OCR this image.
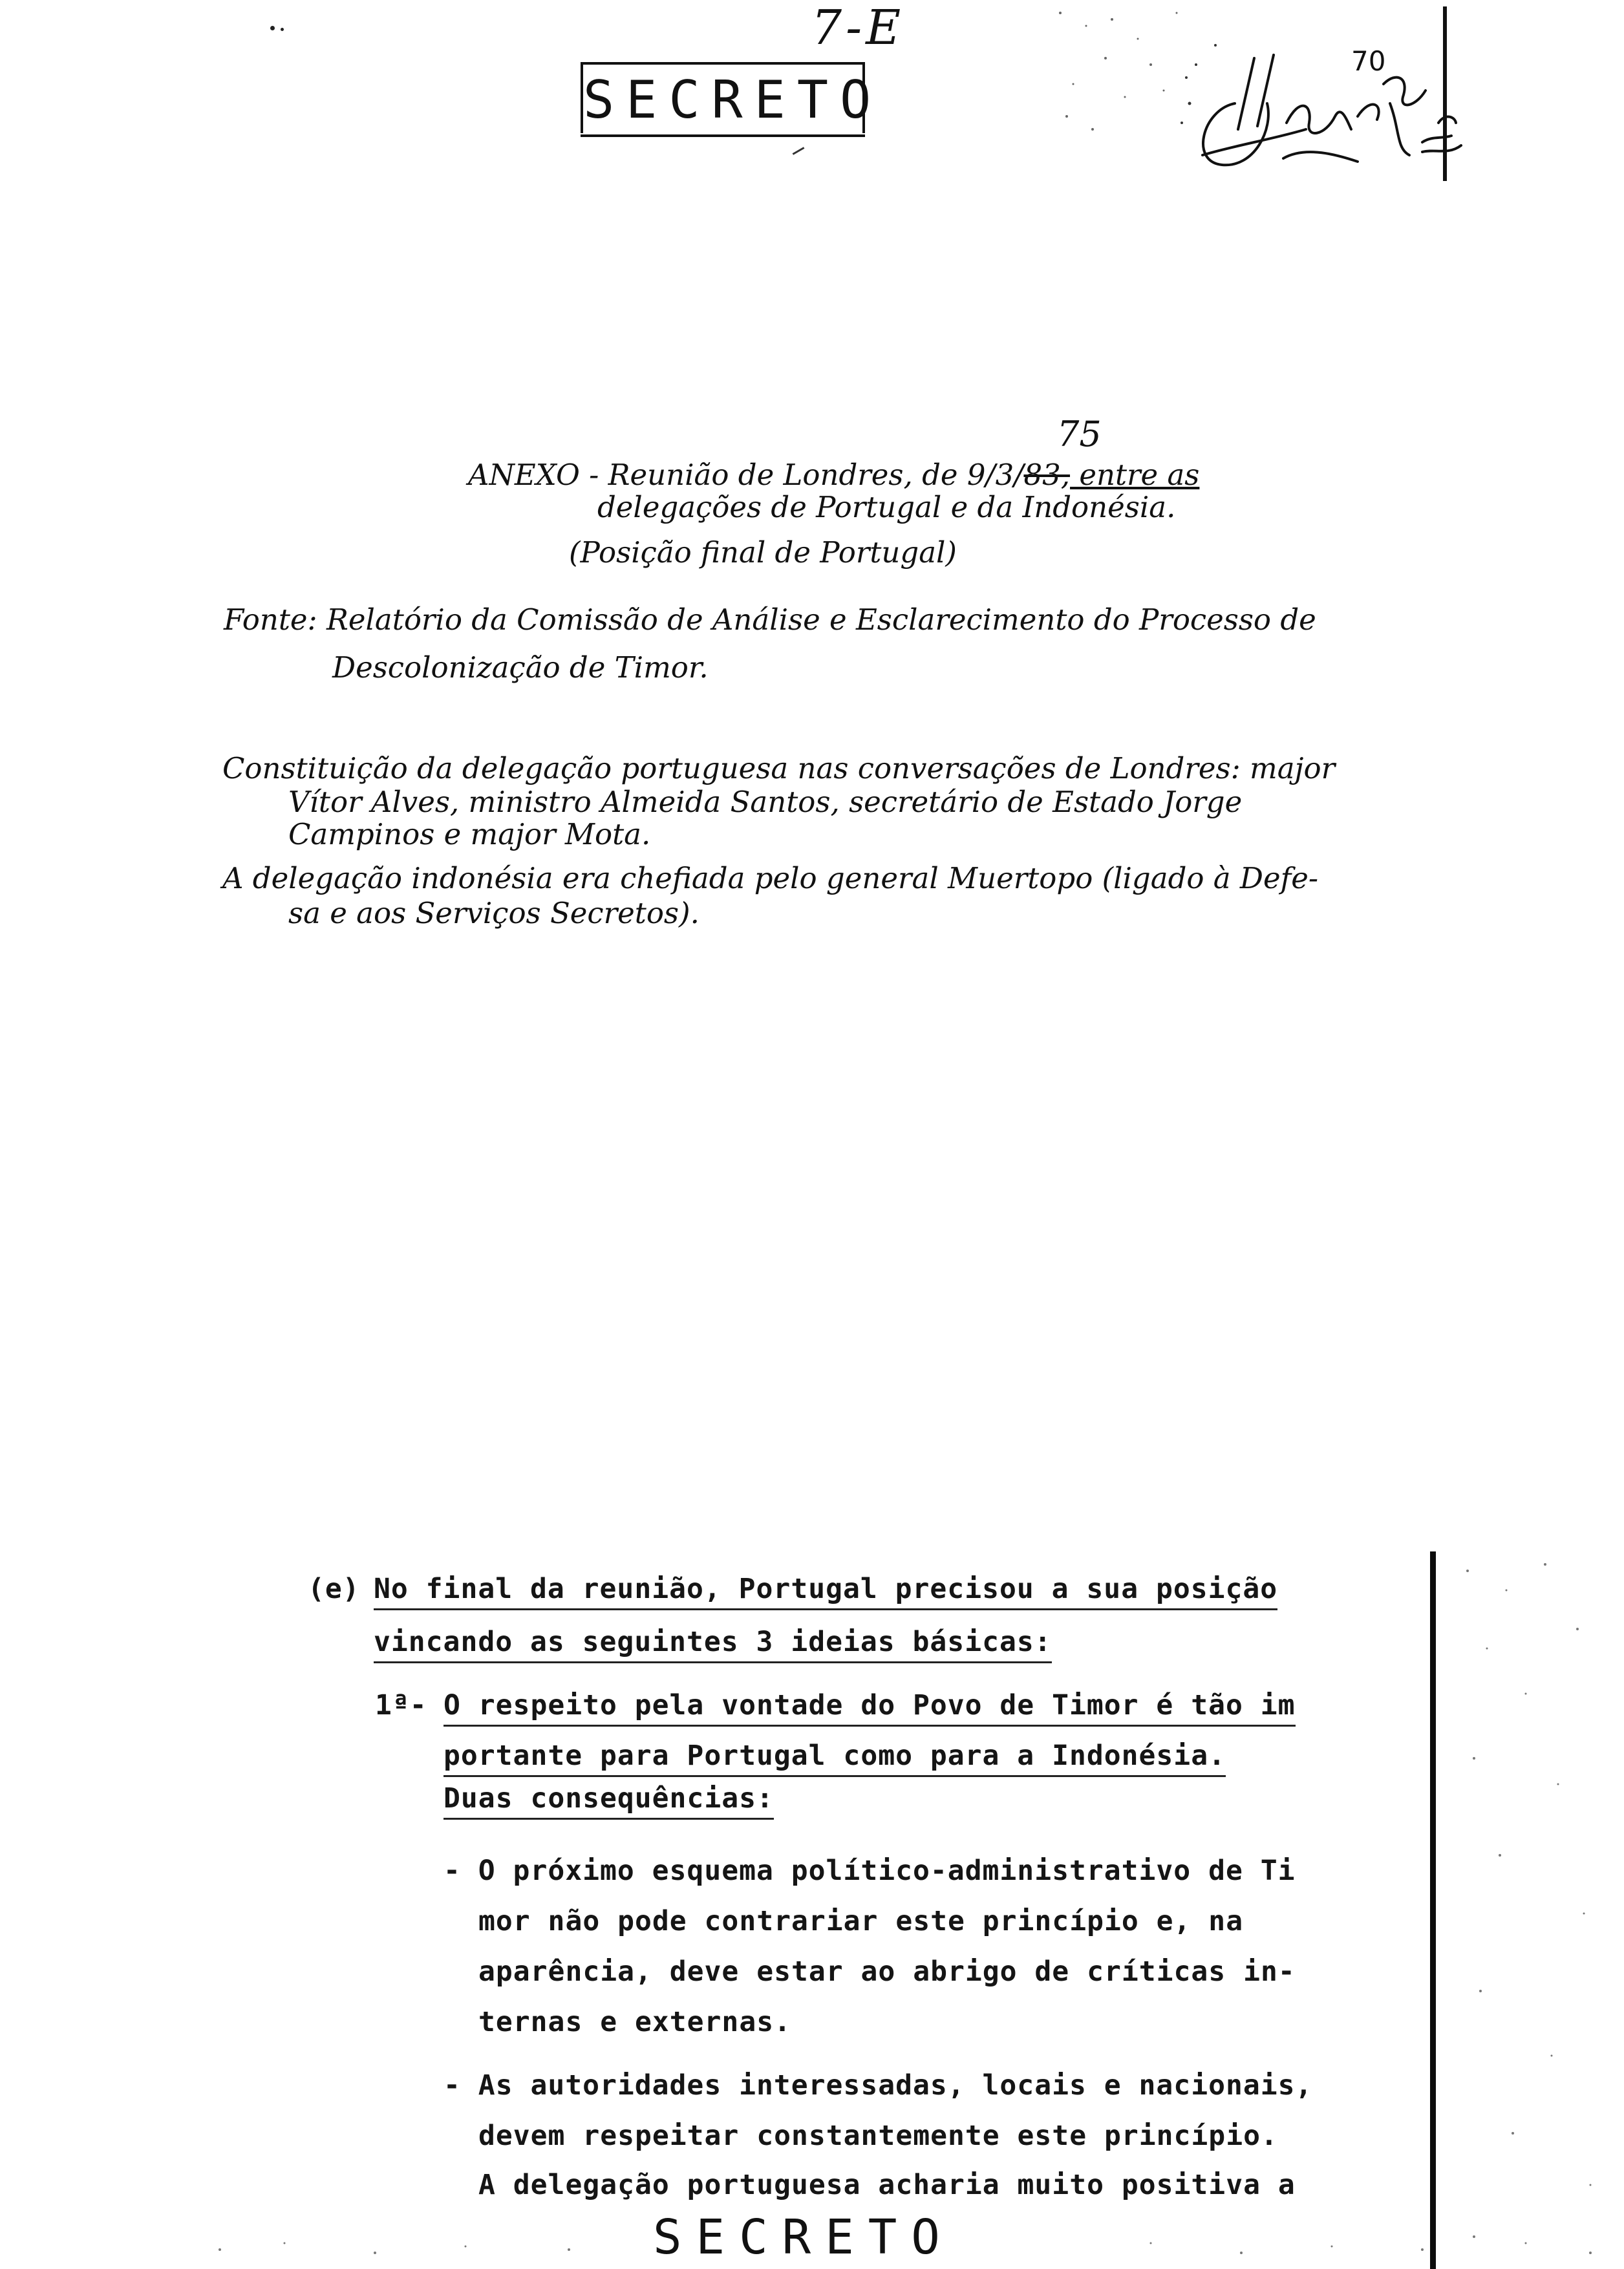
7-E
SECRETO
70
75
ANEXO - Reunião de Londres, de 9/3/83, entre as
delegações de Portugal e da Indonésia.
(Posição final de Portugal)
Fonte: Relatório da Comissão de Análise e Esclarecimento do Processo de
Descolonização de Timor.
Constituição da delegação portuguesa nas conversações de Londres: major
Vítor Alves, ministro Almeida Santos, secretário de Estado Jorge
Campinos e major Mota.
A delegação indonésia era chefiada pelo general Muertopo (ligado à Defe-
sa e aos Serviços Secretos).
(e) No final da reunião, Portugal precisou a sua posição
vincando as seguintes 3 ideias básicas:
1ª- O respeito pela vontade do Povo de Timor é tão im
portante para Portugal como para a Indonésia.
Duas consequências:
- O próximo esquema político-administrativo de Ti
mor não pode contrariar este princípio e, na
aparência, deve estar ao abrigo de críticas in-
ternas e externas.
- As autoridades interessadas, locais e nacionais,
devem respeitar constantemente este princípio.
A delegação portuguesa acharia muito positiva a
SECRETO
